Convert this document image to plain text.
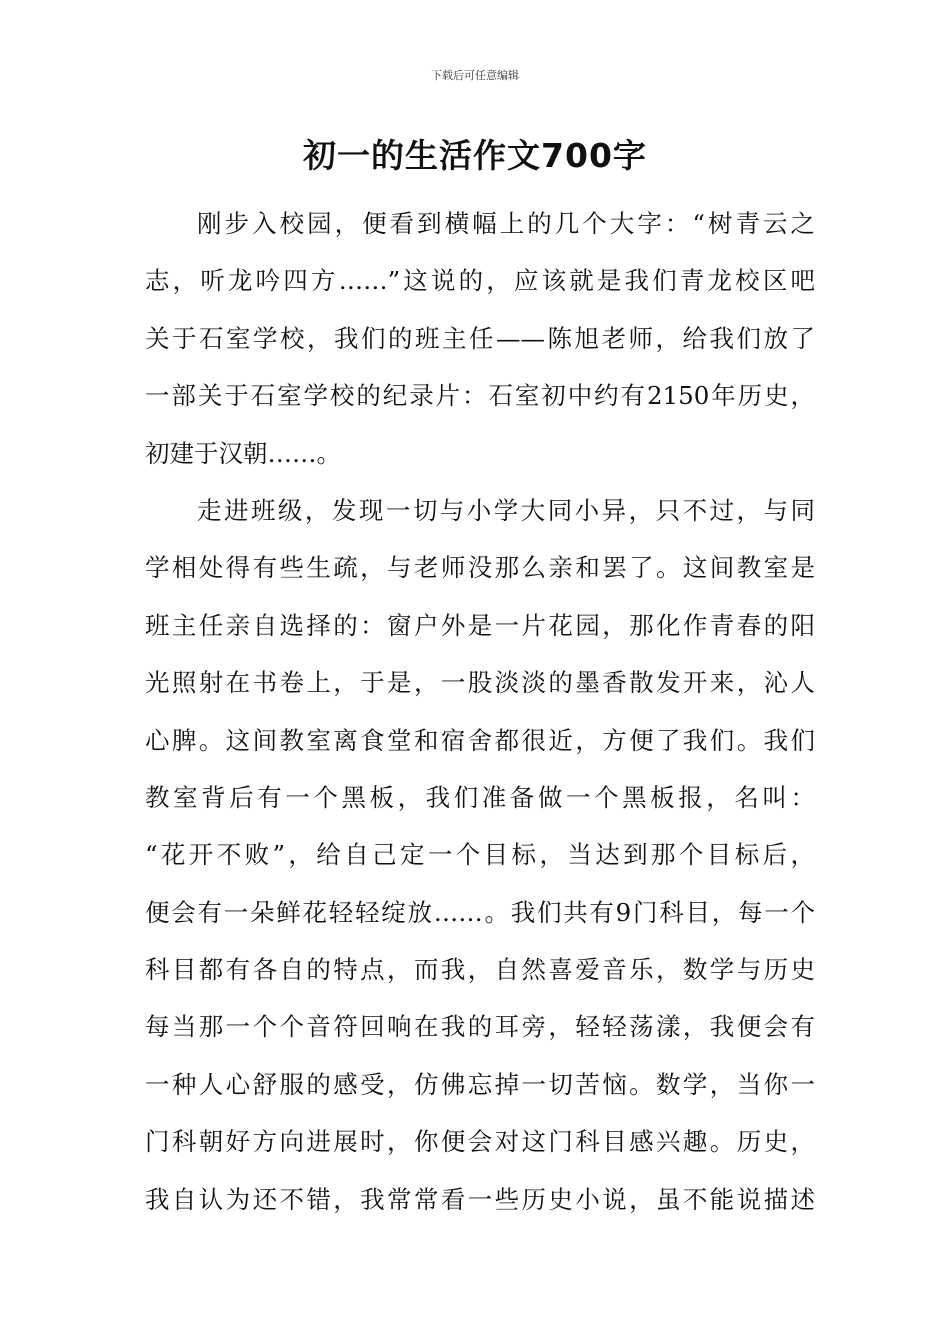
下载后可任意编辑
初一的生活作文700字
刚步入校园，便看到横幅上的几个大字：“树青云之
志，听龙吟四方……”这说的，应该就是我们青龙校区吧
关于石室学校，我们的班主任——陈旭老师，给我们放了
一部关于石室学校的纪录片：石室初中约有2150年历史，
初建于汉朝……。
走进班级，发现一切与小学大同小异，只不过，与同
学相处得有些生疏，与老师没那么亲和罢了。这间教室是
班主任亲自选择的：窗户外是一片花园，那化作青春的阳
光照射在书卷上，于是，一股淡淡的墨香散发开来，沁人
心脾。这间教室离食堂和宿舍都很近，方便了我们。我们
教室背后有一个黑板，我们准备做一个黑板报，名叫：
“花开不败”，给自己定一个目标，当达到那个目标后，
便会有一朵鲜花轻轻绽放……。我们共有9门科目，每一个
科目都有各自的特点，而我，自然喜爱音乐，数学与历史
每当那一个个音符回响在我的耳旁，轻轻荡漾，我便会有
一种人心舒服的感受，仿佛忘掉一切苦恼。数学，当你一
门科朝好方向进展时，你便会对这门科目感兴趣。历史，
我自认为还不错，我常常看一些历史小说，虽不能说描述
